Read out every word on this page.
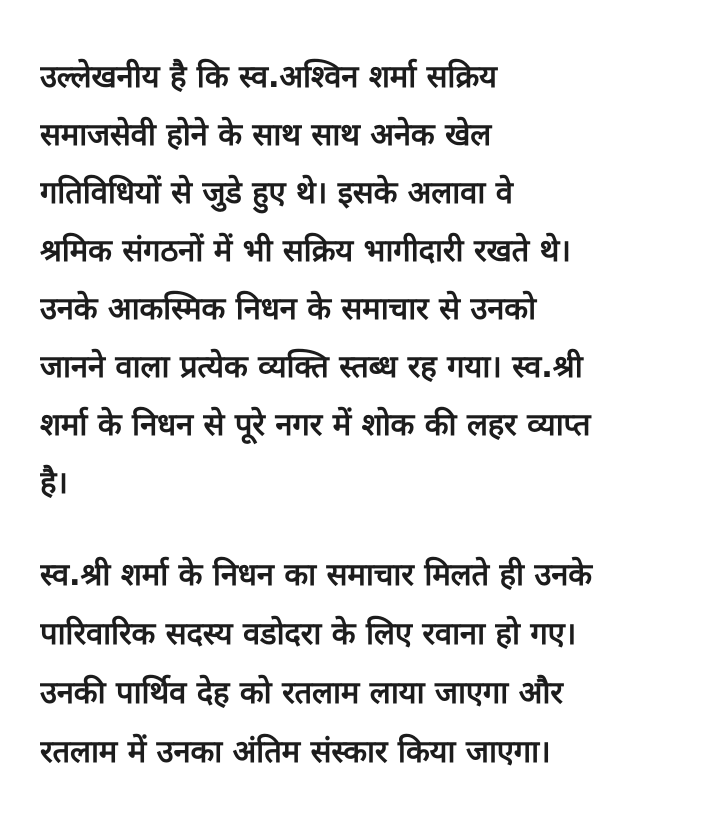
उल्लेखनीय है कि स्व.अश्विन शर्मा सक्रिय
समाजसेवी होने के साथ साथ अनेक खेल
गतिविधियों से जुडे हुए थे। इसके अलावा वे
श्रमिक संगठनों में भी सक्रिय भागीदारी रखते थे।
उनके आकस्मिक निधन के समाचार से उनको
जानने वाला प्रत्येक व्यक्ति स्तब्ध रह गया। स्व.श्री
शर्मा के निधन से पूरे नगर में शोक की लहर व्याप्त
है।
स्व.श्री शर्मा के निधन का समाचार मिलते ही उनके
पारिवारिक सदस्य वडोदरा के लिए रवाना हो गए।
उनकी पार्थिव देह को रतलाम लाया जाएगा और
रतलाम में उनका अंतिम संस्कार किया जाएगा।
